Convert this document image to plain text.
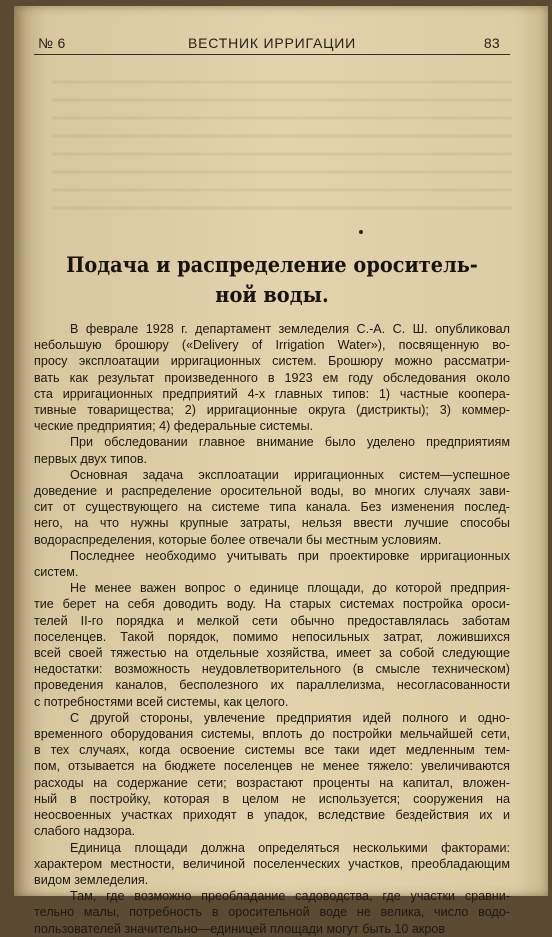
№ 6	ВЕСТНИК ИРРИГАЦИИ	83
Подача и распределение ороситель-
ной воды.

В феврале 1928 г. департамент земледелия С.-А. С. Ш. опубликовал
небольшую брошюру («Delivery of Irrigation Water»), посвященную во-
просу эксплоатации ирригационных систем. Брошюру можно рассматри-
вать как результат произведенного в 1923 ем году обследования около
ста ирригационных предприятий 4-х главных типов: 1) частные коопера-
тивные товарищества; 2) ирригационные округа (дистрикты); 3) коммер-
ческие предприятия; 4) федеральные системы.

При обследовании главное внимание было уделено предприятиям
первых двух типов.

Основная задача эксплоатации ирригационных систем—успешное
доведение и распределение оросительной воды, во многих случаях зави-
сит от существующего на системе типа канала. Без изменения послед-
него, на что нужны крупные затраты, нельзя ввести лучшие способы
водораспределения, которые более отвечали бы местным условиям.

Последнее необходимо учитывать при проектировке ирригационных
систем.

Не менее важен вопрос о единице площади, до которой предприя-
тие берет на себя доводить воду. На старых системах постройка ороси-
телей II-го порядка и мелкой сети обычно предоставлялась заботам
поселенцев. Такой порядок, помимо непосильных затрат, ложившихся
всей своей тяжестью на отдельные хозяйства, имеет за собой следующие
недостатки: возможность неудовлетворительного (в смысле техническом)
проведения каналов, бесполезного их параллелизма, несогласованности
с потребностями всей системы, как целого.

С другой стороны, увлечение предприятия идей полного и одно-
временного оборудования системы, вплоть до постройки мельчайшей сети,
в тех случаях, когда освоение системы все таки идет медленным тем-
пом, отзывается на бюджете поселенцев не менее тяжело: увеличиваются
расходы на содержание сети; возрастают проценты на капитал, вложен-
ный в постройку, которая в целом не используется; сооружения на
неосвоенных участках приходят в упадок, вследствие бездействия их и
слабого надзора.

Единица площади должна определяться несколькими факторами:
характером местности, величиной поселенческих участков, преобладающим
видом земледелия.

Там, где возможно преобладание садоводства, где участки сравни-
тельно малы, потребность в оросительной воде не велика, число водо-
пользователей значительно—единицей площади могут быть 10 акров
